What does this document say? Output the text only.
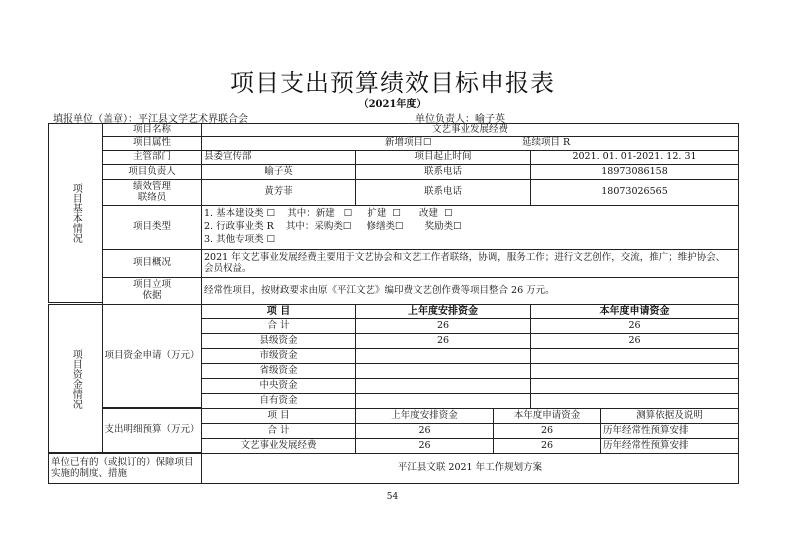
项目支出预算绩效目标申报表
（2021年度）
填报单位（盖章）：平江县文学艺术界联合会	单位负责人：喻子英
项目基本情况
项目名称	文艺事业发展经费
项目属性	新增项目☐	延续项目 R
主管部门	县委宣传部	项目起止时间	2021. 01. 01-2021. 12. 31
项目负责人	喻子英	联系电话	18973086158
绩效管理
联络员	黄芳菲	联系电话	18073026565
项目类型
1. 基本建设类 ☐    其中：新建   ☐     扩建  ☐      改建  ☐
2. 行政事业类 R    其中：采购类☐     修缮类☐       奖励类☐
3. 其他专项类 ☐
项目概况	2021 年文艺事业发展经费主要用于文艺协会和文艺工作者联络，协调，服务工作；进行文艺创作，交流，推广；维护协会、会员权益。
项目立项
依据	经常性项目，按财政要求由原《平江文艺》编印费文艺创作费等项目整合 26 万元。
项目资金情况	项目资金申请（万元）
项 目	上年度安排资金	本年度申请资金
合 计	26	26
县级资金	26	26
市级资金
省级资金
中央资金
自有资金
支出明细预算（万元）
项 目	上年度安排资金	本年度申请资金	测算依据及说明
合 计	26	26	历年经常性预算安排
文艺事业发展经费	26	26	历年经常性预算安排
单位已有的（或拟订的）保障项目实施的制度、措施	平江县文联 2021 年工作规划方案
54
